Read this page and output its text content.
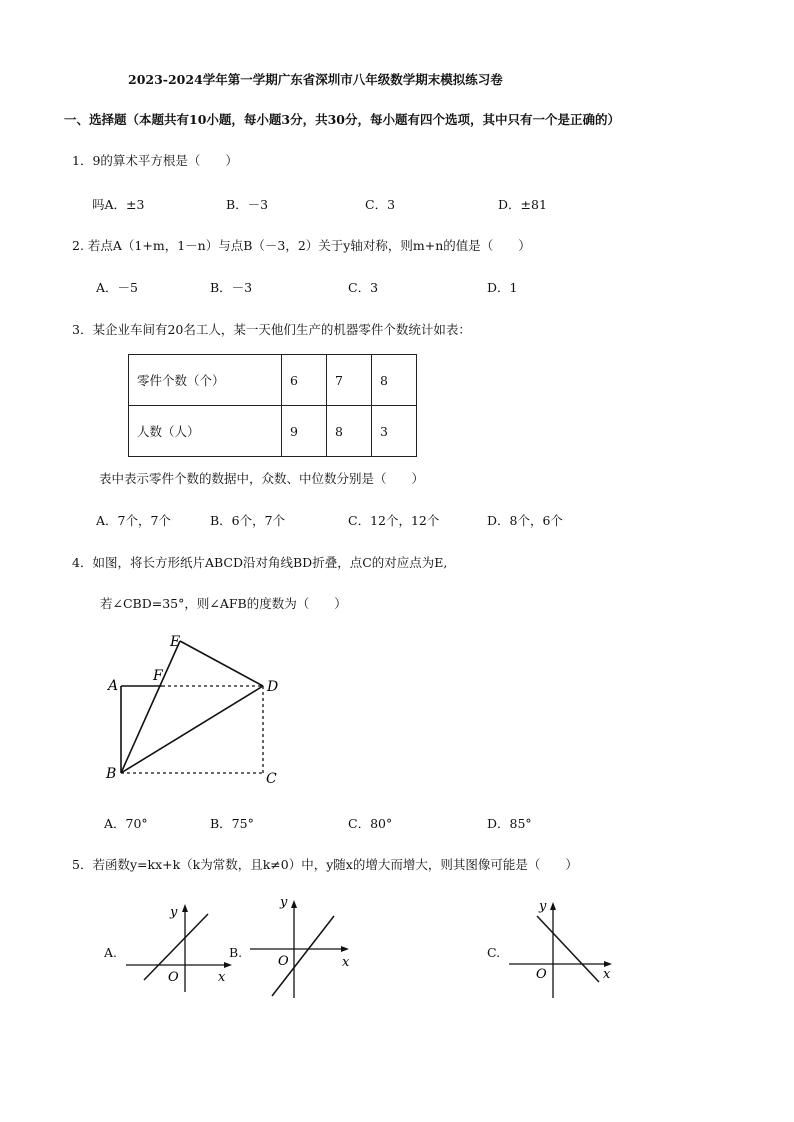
2023-2024学年第一学期广东省深圳市八年级数学期末模拟练习卷
一、选择题（本题共有10小题，每小题3分，共30分，每小题有四个选项，其中只有一个是正确的）
1．9的算术平方根是（　　）
吗A．±3	B．－3	C．3	D．±81
2. 若点A（1+m，1－n）与点B（－3，2）关于y轴对称，则m+n的值是（　　）
A．－5	B．－3	C．3	D．1
3．某企业车间有20名工人，某一天他们生产的机器零件个数统计如表：
零件个数（个）	6	7	8
人数（人）	9	8	3
表中表示零件个数的数据中，众数、中位数分别是（　　）
A．7个，7个	B．6个，7个	C．12个，12个	D．8个，6个
4．如图，将长方形纸片ABCD沿对角线BD折叠，点C的对应点为E,
若∠CBD=35°，则∠AFB的度数为（　　）
E
F
A	D
B	C
A．70°	B．75°	C．80°	D．85°
5．若函数y=kx+k（k为常数，且k≠0）中，y随x的增大而增大，则其图像可能是（　　）
A.
y
x
O
B.
y
x
O
C.
y
x
O
